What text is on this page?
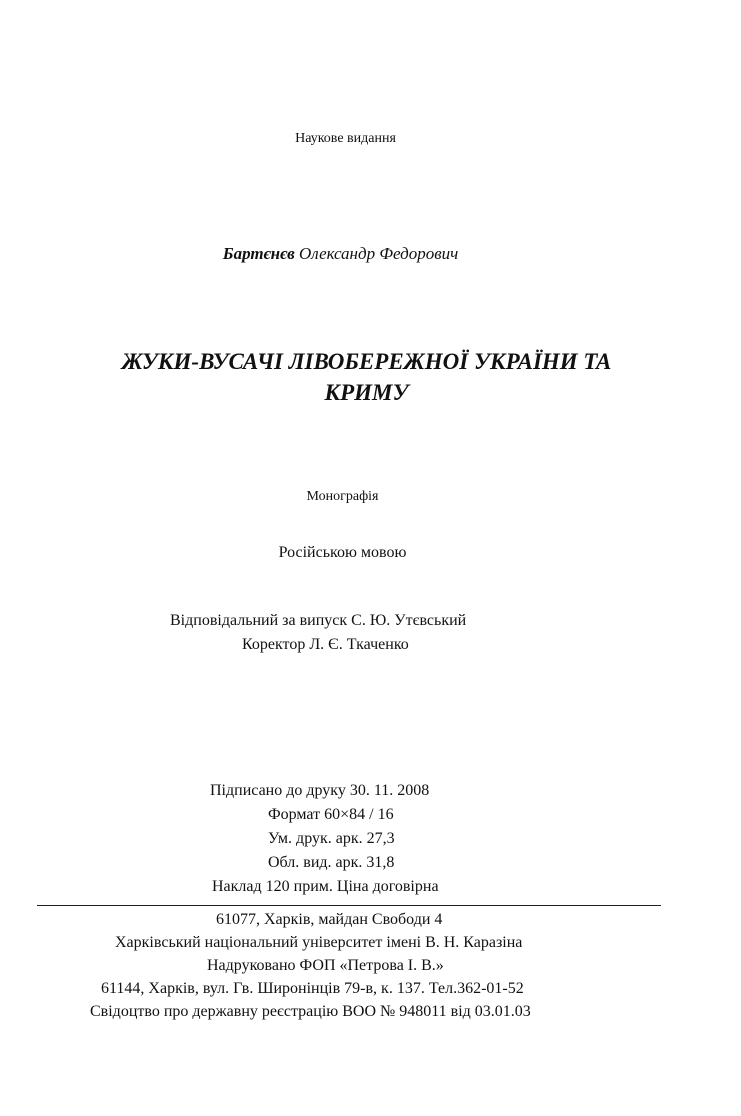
Наукове видання
Бартєнєв Олександр Федорович
ЖУКИ-ВУСАЧІ ЛІВОБЕРЕЖНОЇ УКРАЇНИ ТА
КРИМУ
Монографія
Російською мовою
Відповідальний за випуск С. Ю. Утєвський
Коректор Л. Є. Ткаченко
Підписано до друку 30. 11. 2008
Формат 60×84 / 16
Ум. друк. арк. 27,3
Обл. вид. арк. 31,8
Наклад 120 прим. Ціна договірна
61077, Харків, майдан Свободи 4
Харківський національний університет імені В. Н. Каразіна
Надруковано ФОП «Петрова І. В.»
61144, Харків, вул. Гв. Широнінців 79-в, к. 137. Тел.362-01-52
Свідоцтво про державну реєстрацію ВОО № 948011 від 03.01.03
